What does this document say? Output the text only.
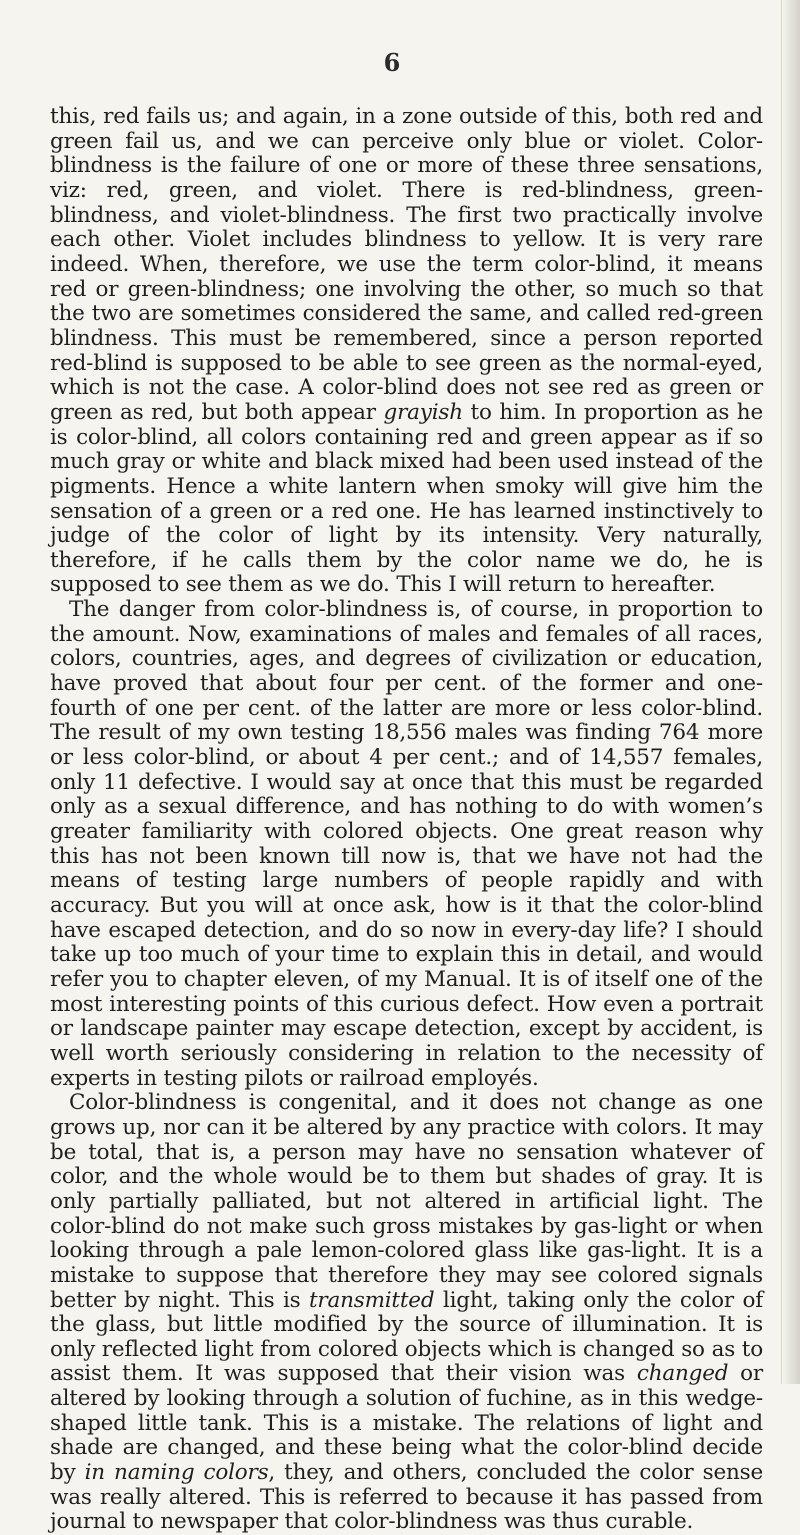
6

this, red fails us; and again, in a zone outside of this, both red and green fail us, and we can perceive only blue or violet. Color-blindness is the failure of one or more of these three sensations, viz: red, green, and violet. There is red-blindness, green-blindness, and violet-blindness. The first two practically involve each other. Violet includes blindness to yellow. It is very rare indeed. When, therefore, we use the term color-blind, it means red or green-blindness; one involving the other, so much so that the two are sometimes considered the same, and called red-green blindness. This must be remembered, since a person reported red-blind is supposed to be able to see green as the normal-eyed, which is not the case. A color-blind does not see red as green or green as red, but both appear grayish to him. In proportion as he is color-blind, all colors containing red and green appear as if so much gray or white and black mixed had been used instead of the pigments. Hence a white lantern when smoky will give him the sensation of a green or a red one. He has learned instinctively to judge of the color of light by its intensity. Very naturally, therefore, if he calls them by the color name we do, he is supposed to see them as we do. This I will return to hereafter.

The danger from color-blindness is, of course, in proportion to the amount. Now, examinations of males and females of all races, colors, countries, ages, and degrees of civilization or education, have proved that about four per cent. of the former and one-fourth of one per cent. of the latter are more or less color-blind. The result of my own testing 18,556 males was finding 764 more or less color-blind, or about 4 per cent.; and of 14,557 females, only 11 defective. I would say at once that this must be regarded only as a sexual difference, and has nothing to do with women’s greater familiarity with colored objects. One great reason why this has not been known till now is, that we have not had the means of testing large numbers of people rapidly and with accuracy. But you will at once ask, how is it that the color-blind have escaped detection, and do so now in every-day life? I should take up too much of your time to explain this in detail, and would refer you to chapter eleven, of my Manual. It is of itself one of the most interesting points of this curious defect. How even a portrait or landscape painter may escape detection, except by accident, is well worth seriously considering in relation to the necessity of experts in testing pilots or railroad employés.

Color-blindness is congenital, and it does not change as one grows up, nor can it be altered by any practice with colors. It may be total, that is, a person may have no sensation whatever of color, and the whole would be to them but shades of gray. It is only partially palliated, but not altered in artificial light. The color-blind do not make such gross mistakes by gas-light or when looking through a pale lemon-colored glass like gas-light. It is a mistake to suppose that therefore they may see colored signals better by night. This is transmitted light, taking only the color of the glass, but little modified by the source of illumination. It is only reflected light from colored objects which is changed so as to assist them. It was supposed that their vision was changed or altered by looking through a solution of fuchine, as in this wedge-shaped little tank. This is a mistake. The relations of light and shade are changed, and these being what the color-blind decide by in naming colors, they, and others, concluded the color sense was really altered. This is referred to because it has passed from journal to newspaper that color-blindness was thus curable.
